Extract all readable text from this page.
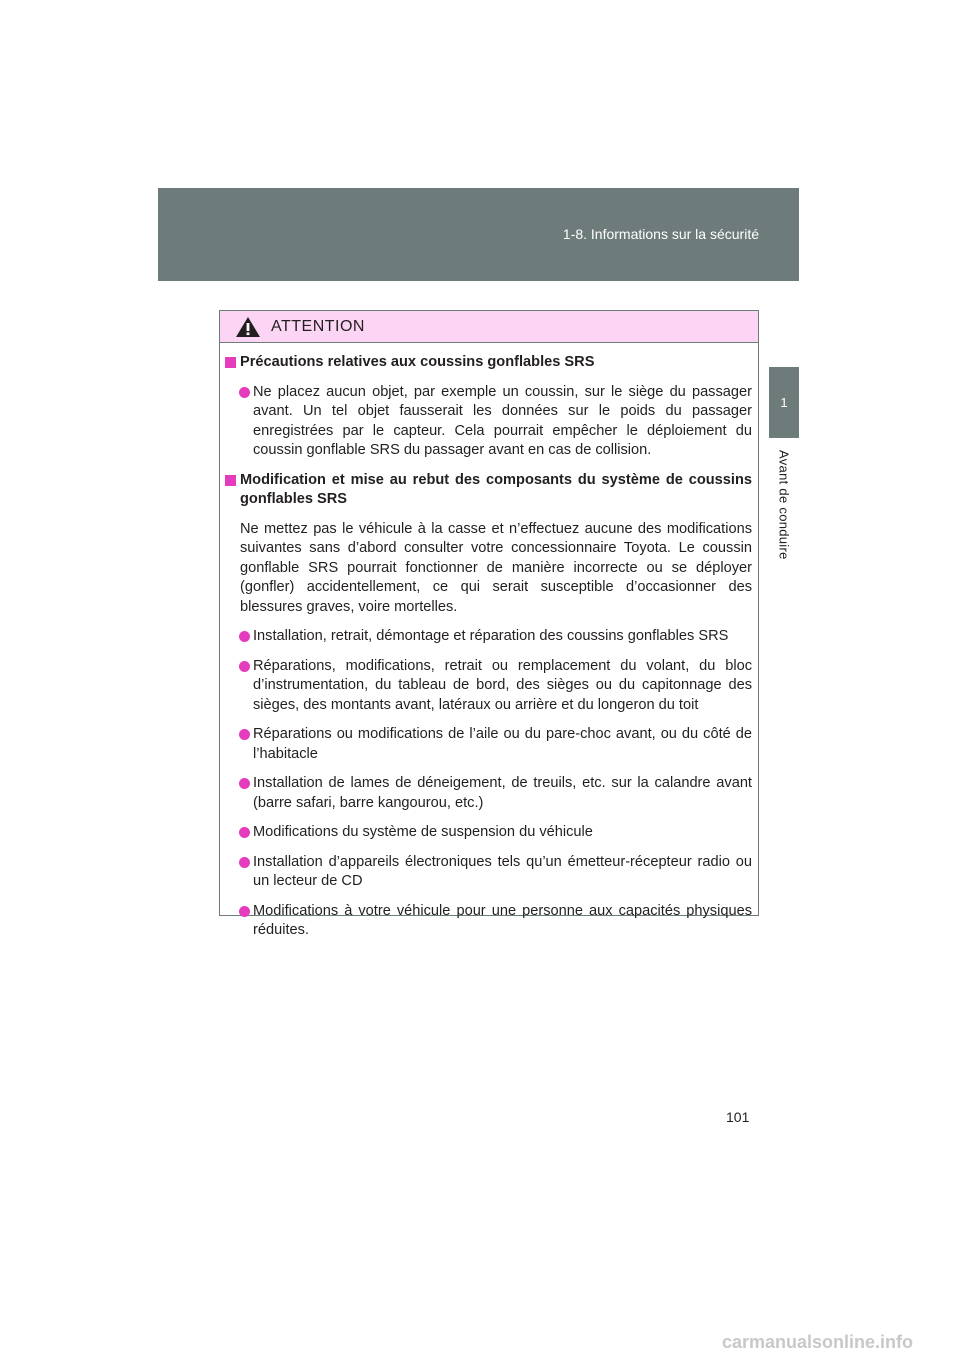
1-8. Informations sur la sécurité
1
Avant de conduire
ATTENTION
Précautions relatives aux coussins gonflables SRS
Ne placez aucun objet, par exemple un coussin, sur le siège du passager avant. Un tel objet fausserait les données sur le poids du passager enregistrées par le capteur. Cela pourrait empêcher le déploiement du coussin gonflable SRS du passager avant en cas de collision.
Modification et mise au rebut des composants du système de coussins gonflables SRS
Ne mettez pas le véhicule à la casse et n’effectuez aucune des modifications suivantes sans d’abord consulter votre concessionnaire Toyota. Le coussin gonflable SRS pourrait fonctionner de manière incorrecte ou se déployer (gonfler) accidentellement, ce qui serait susceptible d’occasionner des blessures graves, voire mortelles.
Installation, retrait, démontage et réparation des coussins gonflables SRS
Réparations, modifications, retrait ou remplacement du volant, du bloc d’instrumentation, du tableau de bord, des sièges ou du capitonnage des sièges, des montants avant, latéraux ou arrière et du longeron du toit
Réparations ou modifications de l’aile ou du pare-choc avant, ou du côté de l’habitacle
Installation de lames de déneigement, de treuils, etc. sur la calandre avant (barre safari, barre kangourou, etc.)
Modifications du système de suspension du véhicule
Installation d’appareils électroniques tels qu’un émetteur-récepteur radio ou un lecteur de CD
Modifications à votre véhicule pour une personne aux capacités physiques réduites.
101
carmanualsonline.info
